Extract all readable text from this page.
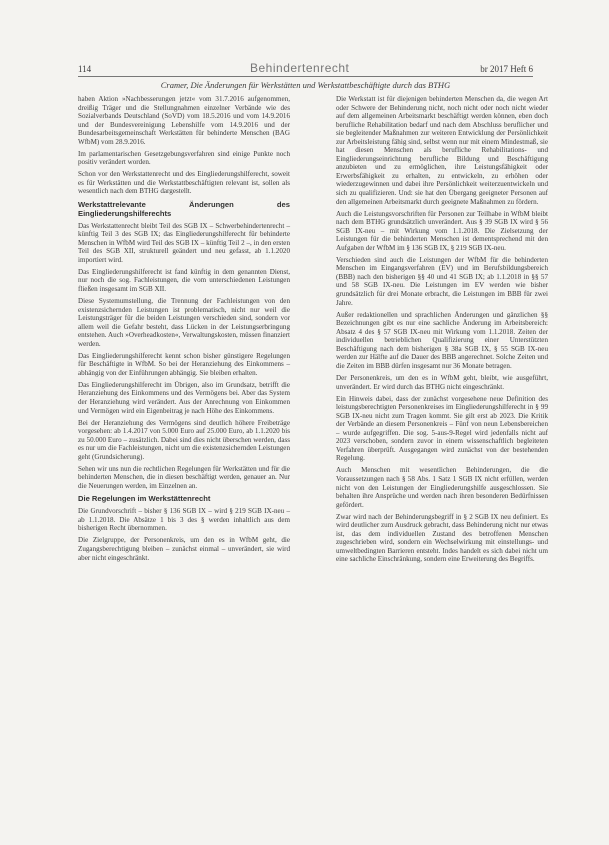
114	Behindertenrecht	br 2017 Heft 6
Cramer, Die Änderungen für Werkstätten und Werkstattbeschäftigte durch das BTHG

haben Aktion »Nachbesserungen jetzt« vom 31.7.2016 aufgenommen, dreißig Träger und die Stellungnahmen einzelner Verbände wie des Sozialverbands Deutschland (SoVD) vom 18.5.2016 und vom 14.9.2016 und der Bundesvereinigung Lebenshilfe vom 14.9.2016 und der Bundesarbeitsgemeinschaft Werkstätten für behinderte Menschen (BAG WfbM) vom 28.9.2016.

Im parlamentarischen Gesetzgebungsverfahren sind einige Punkte noch positiv verändert worden.

Schon vor den Werkstattenrecht und des Eingliederungshilferecht, soweit es für Werkstätten und die Werkstattbeschäftigten relevant ist, sollen als wesentlich nach dem BTHG dargestellt.

Werkstattrelevante Änderungen des Eingliederungshilferechts

Das Werkstattenrecht bleibt Teil des SGB IX – Schwerbehindertenrecht – künftig Teil 3 des SGB IX; das Eingliederungshilferecht für behinderte Menschen in WfbM wird Teil des SGB IX – künftig Teil 2 –, in den ersten Teil des SGB XII, strukturell geändert und neu gefasst, ab 1.1.2020 importiert wird.

Das Eingliederungshilferecht ist fand künftig in dem genannten Dienst, nur noch die sog. Fachleistungen, die vom unterschiedenen Leistungen fließen insgesamt im SGB XII.

Diese Systemumstellung, die Trennung der Fachleistungen von den existenzsichernden Leistungen ist problematisch, nicht nur weil die Leistungsträger für die beiden Leistungen verschieden sind, sondern vor allem weil die Gefahr besteht, dass Lücken in der Leistungserbringung entstehen. Auch »Overheadkosten«, Verwaltungskosten, müssen finanziert werden.

Das Eingliederungshilferecht kennt schon bisher günstigere Regelungen für Beschäftigte in WfbM. So bei der Heranziehung des Einkommens – abhängig von der Einführungen abhängig. Sie bleiben erhalten.

Das Eingliederungshilferecht im Übrigen, also im Grundsatz, betrifft die Heranziehung des Einkommens und des Vermögens bei. Aber das System der Heranziehung wird verändert. Aus der Anrechnung von Einkommen und Vermögen wird ein Eigenbeitrag je nach Höhe des Einkommens.

Bei der Heranziehung des Vermögens sind deutlich höhere Freibeträge vorgesehen: ab 1.4.2017 von 5.000 Euro auf 25.000 Euro, ab 1.1.2020 bis zu 50.000 Euro – zusätzlich. Dabei sind dies nicht überschen werden, dass es nur um die Fachleistungen, nicht um die existenzsichernden Leistungen geht (Grundsicherung).

Sehen wir uns nun die rechtlichen Regelungen für Werkstätten und für die behinderten Menschen, die in diesen beschäftigt werden, genauer an. Nur die Neuerungen werden, im Einzelnen an.

Die Regelungen im Werkstättenrecht

Die Grundvorschrift – bisher § 136 SGB IX – wird § 219 SGB IX-neu – ab 1.1.2018. Die Absätze 1 bis 3 des § werden inhaltlich aus dem bisherigen Recht übernommen.

Die Zielgruppe, der Personenkreis, um den es in WfbM geht, die Zugangsberechtigung bleiben – zunächst einmal – unverändert, sie wird aber nicht eingeschränkt.

Die Werkstatt ist für diejenigen behinderten Menschen da, die wegen Art oder Schwere der Behinderung nicht, noch nicht oder noch nicht wieder auf dem allgemeinen Arbeitsmarkt beschäftigt werden können, eben doch berufliche Rehabilitation bedarf und nach dem Abschluss beruflicher und sie begleitender Maßnahmen zur weiteren Entwicklung der Persönlichkeit zur Arbeitsleistung fähig sind, selbst wenn nur mit einem Mindestmaß, sie hat diesen Menschen als berufliche Rehabilitations- und Eingliederungseinrichtung berufliche Bildung und Beschäftigung anzubieten und zu ermöglichen, ihre Leistungsfähigkeit oder Erwerbsfähigkeit zu erhalten, zu entwickeln, zu erhöhen oder wiederzugewinnen und dabei ihre Persönlichkeit weiterzuentwickeln und sich zu qualifizieren. Und: sie hat den Übergang geeigneter Personen auf den allgemeinen Arbeitsmarkt durch geeignete Maßnahmen zu fördern.

Auch die Leistungsvorschriften für Personen zur Teilhabe in WfbM bleibt nach dem BTHG grundsätzlich unverändert. Aus § 39 SGB IX wird § 56 SGB IX-neu – mit Wirkung vom 1.1.2018. Die Zielsetzung der Leistungen für die behinderten Menschen ist dementsprechend mit den Aufgaben der WfbM im § 136 SGB IX, § 219 SGB IX-neu.

Verschieden sind auch die Leistungen der WfbM für die behinderten Menschen im Eingangsverfahren (EV) und im Berufsbildungsbereich (BBB) nach den bisherigen §§ 40 und 41 SGB IX; ab 1.1.2018 in §§ 57 und 58 SGB IX-neu. Die Leistungen im EV werden wie bisher grundsätzlich für drei Monate erbracht, die Leistungen im BBB für zwei Jahre.

Außer redaktionellen und sprachlichen Änderungen und gänzlichen §§ Bezeichnungen gibt es nur eine sachliche Änderung im Arbeitsbereich: Absatz 4 des § 57 SGB IX-neu mit Wirkung vom 1.1.2018. Zeiten der individuellen betrieblichen Qualifizierung einer Unterstützten Beschäftigung nach dem bisherigen § 38a SGB IX, § 55 SGB IX-neu werden zur Hälfte auf die Dauer des BBB angerechnet. Solche Zeiten und die Zeiten im BBB dürfen insgesamt nur 36 Monate betragen.

Der Personenkreis, um den es in WfbM geht, bleibt, wie ausgeführt, unverändert. Er wird durch das BTHG nicht eingeschränkt.

Ein Hinweis dabei, dass der zunächst vorgesehene neue Definition des leistungsberechtigten Personenkreises im Eingliederungshilferecht in § 99 SGB IX-neu nicht zum Tragen kommt. Sie gilt erst ab 2023. Die Kritik der Verbände an diesem Personenkreis – Fünf von neun Lebensbereichen – wurde aufgegriffen. Die sog. 5-aus-9-Regel wird jedenfalls nicht auf 2023 verschoben, sondern zuvor in einem wissenschaftlich begleiteten Verfahren überprüft. Ausgegangen wird zunächst von der bestehenden Regelung.

Auch Menschen mit wesentlichen Behinderungen, die die Voraussetzungen nach § 58 Abs. 1 Satz 1 SGB IX nicht erfüllen, werden nicht von den Leistungen der Eingliederungshilfe ausgeschlossen. Sie behalten ihre Ansprüche und werden nach ihren besonderen Bedürfnissen gefördert.

Zwar wird nach der Behinderungsbegriff in § 2 SGB IX neu definiert. Es wird deutlicher zum Ausdruck gebracht, dass Behinderung nicht nur etwas ist, das dem individuellen Zustand des betroffenen Menschen zugeschrieben wird, sondern ein Wechselwirkung mit einstellungs- und umweltbedingten Barrieren entsteht. Indes handelt es sich dabei nicht um eine sachliche Einschränkung, sondern eine Erweiterung des Begriffs.
